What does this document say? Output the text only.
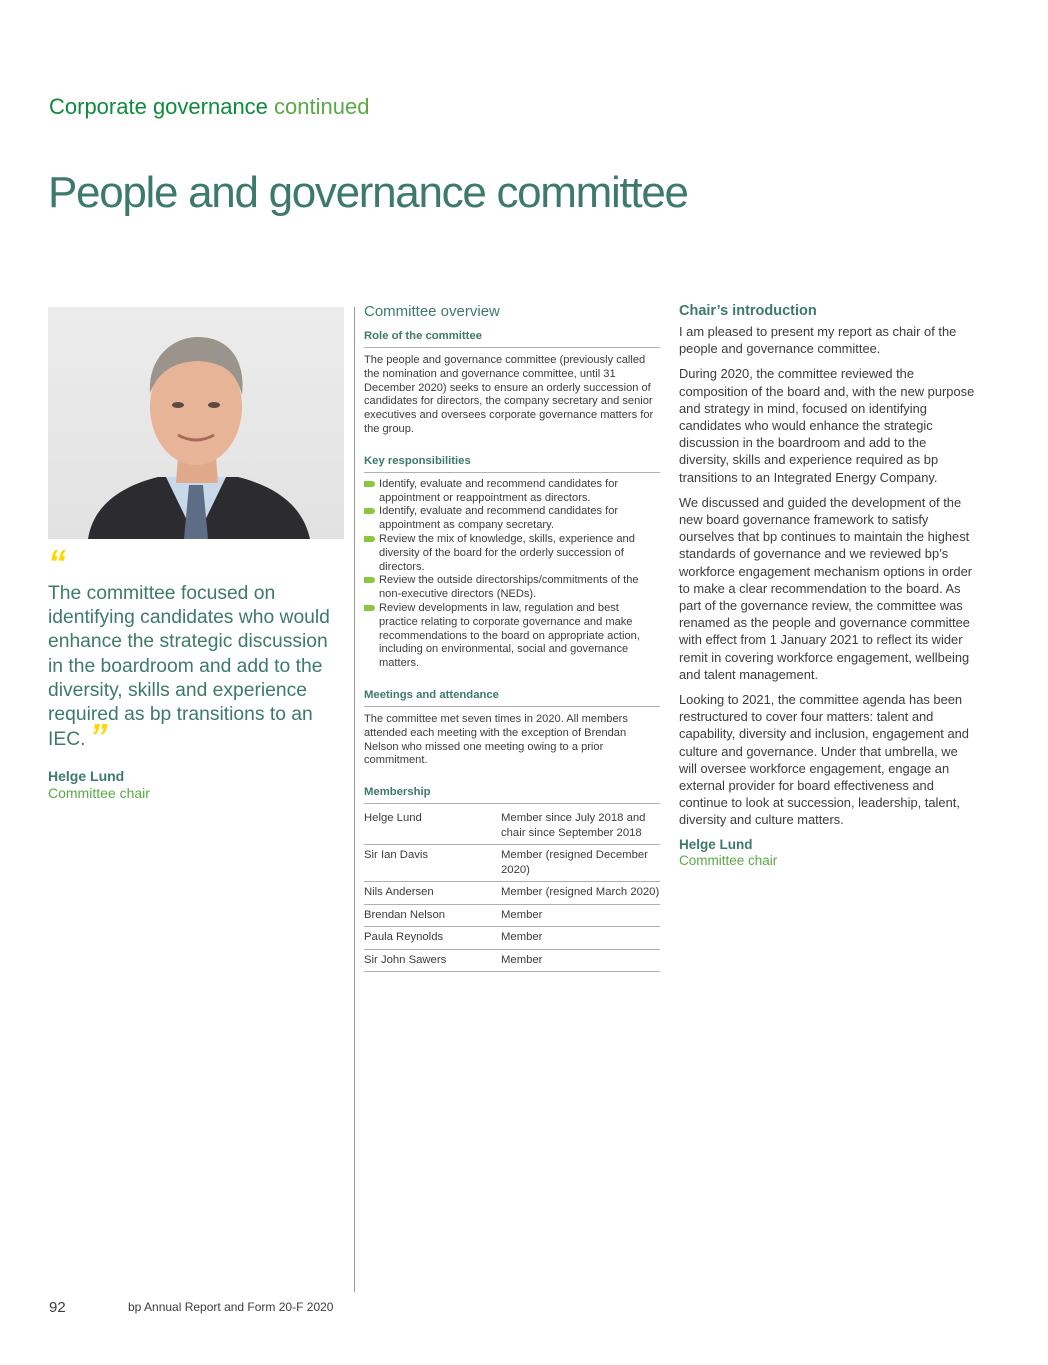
Corporate governance continued
People and governance committee
“

The committee focused on identifying candidates who would enhance the strategic discussion in the boardroom and add to the diversity, skills and experience required as bp transitions to an IEC. ”

Helge Lund
Committee chair
Committee overview
Role of the committee

The people and governance committee (previously called the nomination and governance committee, until 31 December 2020) seeks to ensure an orderly succession of candidates for directors, the company secretary and senior executives and oversees corporate governance matters for the group.

Key responsibilities
Identify, evaluate and recommend candidates for appointment or reappointment as directors.
Identify, evaluate and recommend candidates for appointment as company secretary.
Review the mix of knowledge, skills, experience and diversity of the board for the orderly succession of directors.
Review the outside directorships/commitments of the non-executive directors (NEDs).
Review developments in law, regulation and best practice relating to corporate governance and make recommendations to the board on appropriate action, including on environmental, social and governance matters.
Meetings and attendance

The committee met seven times in 2020. All members attended each meeting with the exception of Brendan Nelson who missed one meeting owing to a prior commitment.

Membership
Helge Lund	Member since July 2018 and chair since September 2018
Sir Ian Davis	Member (resigned December 2020)
Nils Andersen	Member (resigned March 2020)
Brendan Nelson	Member
Paula Reynolds	Member
Sir John Sawers	Member
Chair’s introduction

I am pleased to present my report as chair of the people and governance committee.

During 2020, the committee reviewed the composition of the board and, with the new purpose and strategy in mind, focused on identifying candidates who would enhance the strategic discussion in the boardroom and add to the diversity, skills and experience required as bp transitions to an Integrated Energy Company.

We discussed and guided the development of the new board governance framework to satisfy ourselves that bp continues to maintain the highest standards of governance and we reviewed bp’s workforce engagement mechanism options in order to make a clear recommendation to the board. As part of the governance review, the committee was renamed as the people and governance committee with effect from 1 January 2021 to reflect its wider remit in covering workforce engagement, wellbeing and talent management.

Looking to 2021, the committee agenda has been restructured to cover four matters: talent and capability, diversity and inclusion, engagement and culture and governance. Under that umbrella, we will oversee workforce engagement, engage an external provider for board effectiveness and continue to look at succession, leadership, talent, diversity and culture matters.

Helge Lund
Committee chair
92	bp Annual Report and Form 20-F 2020
